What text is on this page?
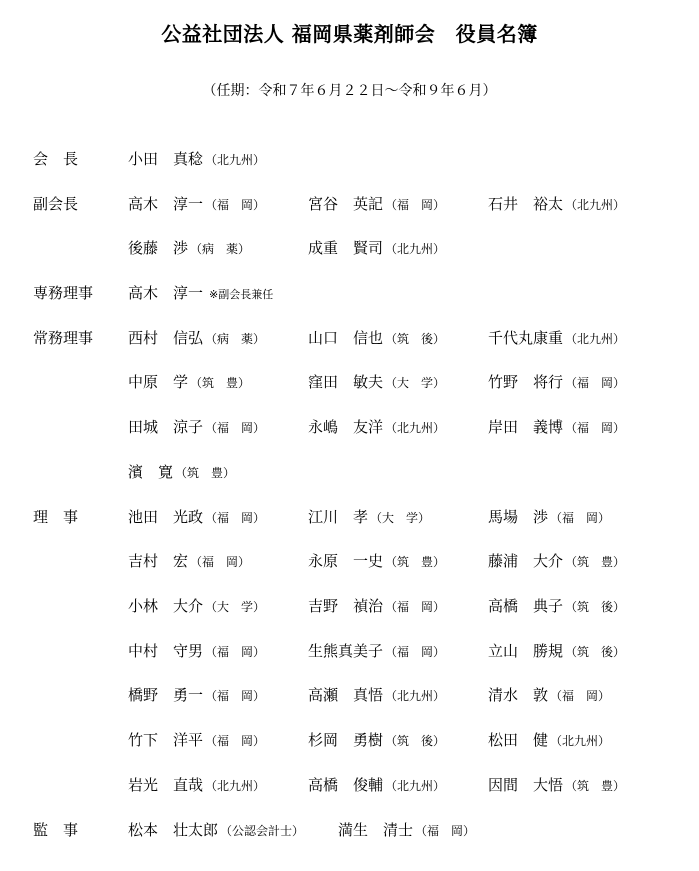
公益社団法人 福岡県薬剤師会　役員名簿
（任期：令和７年６月２２日～令和９年６月）
会　長	小田　真稔 （北九州）
副会長	高木　淳一 （福　岡）	宮谷　英記 （福　岡）	石井　裕太 （北九州）
後藤　渉 （病　薬）	成重　賢司 （北九州）
専務理事 高木　淳一 ※副会長兼任
常務理事 西村　信弘 （病　薬）	山口　信也 （筑　後）	千代丸康重 （北九州）
中原　学 （筑　豊）	窪田　敏夫 （大　学）	竹野　将行 （福　岡）
田城　涼子 （福　岡）	永嶋　友洋 （北九州）	岸田　義博 （福　岡）
濱　寛 （筑　豊）
理　事	池田　光政 （福　岡）	江川　孝 （大　学）	馬場　渉 （福　岡）
吉村　宏 （福　岡）	永原　一史 （筑　豊）	藤浦　大介 （筑　豊）
小林　大介 （大　学）	吉野　禎治 （福　岡）	高橋　典子 （筑　後）
中村　守男 （福　岡）	生熊真美子 （福　岡）	立山　勝規 （筑　後）
橋野　勇一 （福　岡）	高瀬　真悟 （北九州）	清水　敦 （福　岡）
竹下　洋平 （福　岡）	杉岡　勇樹 （筑　後）	松田　健 （北九州）
岩光　直哉 （北九州）	高橋　俊輔 （北九州）	因間　大悟 （筑　豊）
監　事	松本　壮太郎 （公認会計士） 満生　清士 （福　岡）
